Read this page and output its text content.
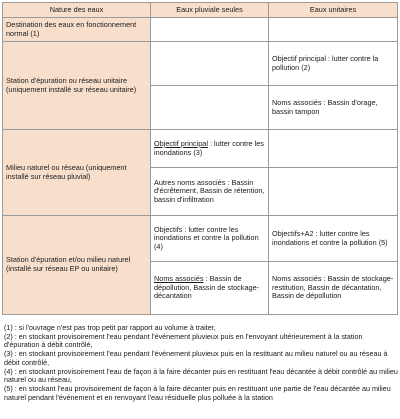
Nature des eaux	Eaux pluviale seules	Eaux unitaires
Destination des eaux en fonctionnement normal (1)		
Station d'épuration ou réseau unitaire (uniquement installé sur réseau unitaire)		Objectif principal : lutter contre la pollution (2)
		Noms associés : Bassin d'orage, bassin tampon
Milieu naturel ou réseau (uniquement installé sur réseau pluvial)	Objectif principal : lutter contre les inondations (3)	
	Autres noms associés : Bassin d'écrêtement, Bassin de rétention, bassin d'infiltration	
Station d'épuration et/ou milieu naturel (installé sur réseau EP ou unitaire)	Objectifs : lutter contre les inondations et contre la pollution (4)	Objectifs+A2 : lutter contre les inondations et contre la pollution (5)
	Noms associés : Bassin de dépollution, Bassin de stockage-décantation	Noms associés : Bassin de stockage-restitution, Bassin de décantation, Bassin de dépollution
(1) : si l'ouvrage n'est pas trop petit par rapport au volume à traiter,
(2) : en stockant provisoirement l'eau pendant l'événement pluvieux puis en l'envoyant ultérieurement à la station d'épuration à débit contrôlé,
(3) : en stockant provisoirement l'eau pendant l'événement pluvieux puis en la restituant au milieu naturel ou au réseau à débit contrôlé,
(4) : en stockant provisoirement l'eau de façon à la faire décanter puis en restituant l'eau décantée à débit contrôlé au milieu naturel ou au réseau,
(5) : en stockant l'eau provisoirement de façon à la faire décanter puis en restituant une partie de l'eau décantée au milieu naturel pendant l'événement et en renvoyant l'eau résiduelle plus polluée à la station
